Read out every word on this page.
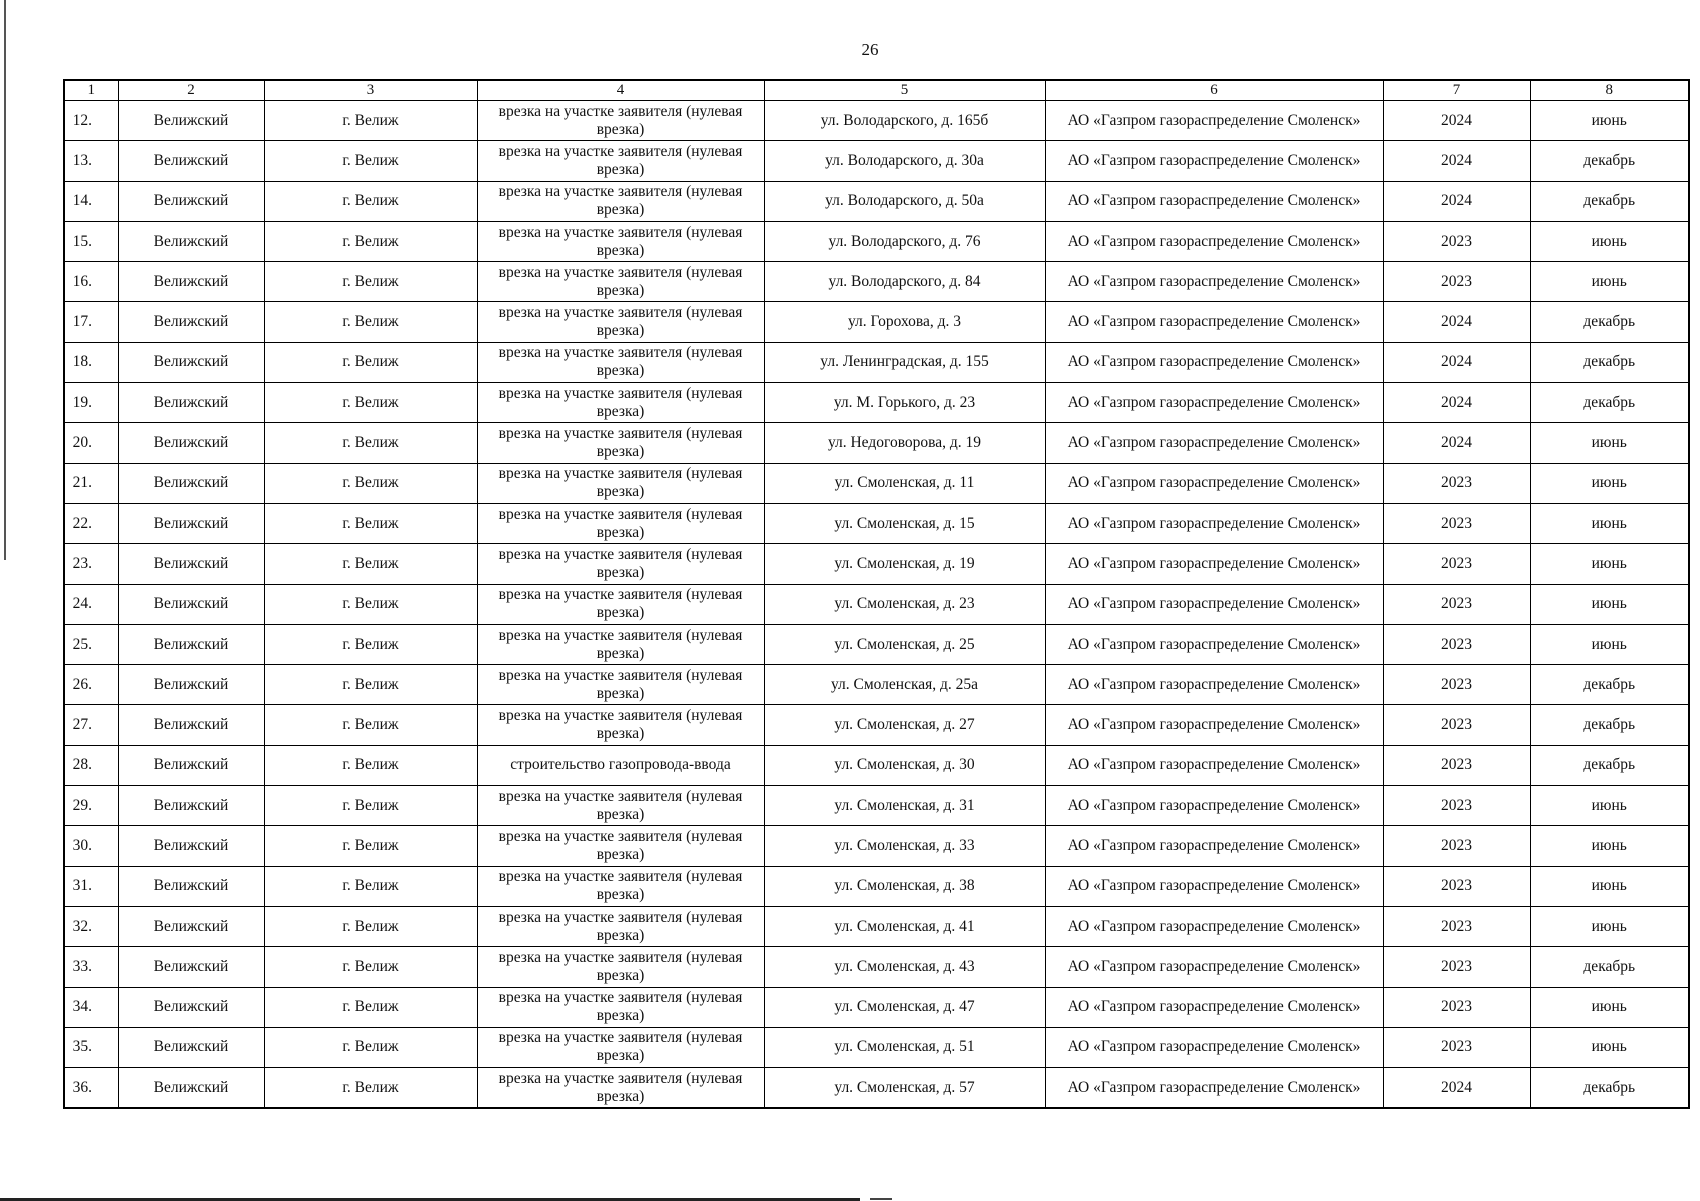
26
1	2	3	4	5	6	7	8
12.	Велижский	г. Велиж	врезка на участке заявителя (нулевая врезка)	ул. Володарского, д. 165б	АО «Газпром газораспределение Смоленск»	2024	июнь
13.	Велижский	г. Велиж	врезка на участке заявителя (нулевая врезка)	ул. Володарского, д. 30а	АО «Газпром газораспределение Смоленск»	2024	декабрь
14.	Велижский	г. Велиж	врезка на участке заявителя (нулевая врезка)	ул. Володарского, д. 50а	АО «Газпром газораспределение Смоленск»	2024	декабрь
15.	Велижский	г. Велиж	врезка на участке заявителя (нулевая врезка)	ул. Володарского, д. 76	АО «Газпром газораспределение Смоленск»	2023	июнь
16.	Велижский	г. Велиж	врезка на участке заявителя (нулевая врезка)	ул. Володарского, д. 84	АО «Газпром газораспределение Смоленск»	2023	июнь
17.	Велижский	г. Велиж	врезка на участке заявителя (нулевая врезка)	ул. Горохова, д. 3	АО «Газпром газораспределение Смоленск»	2024	декабрь
18.	Велижский	г. Велиж	врезка на участке заявителя (нулевая врезка)	ул. Ленинградская, д. 155	АО «Газпром газораспределение Смоленск»	2024	декабрь
19.	Велижский	г. Велиж	врезка на участке заявителя (нулевая врезка)	ул. М. Горького, д. 23	АО «Газпром газораспределение Смоленск»	2024	декабрь
20.	Велижский	г. Велиж	врезка на участке заявителя (нулевая врезка)	ул. Недоговорова, д. 19	АО «Газпром газораспределение Смоленск»	2024	июнь
21.	Велижский	г. Велиж	врезка на участке заявителя (нулевая врезка)	ул. Смоленская, д. 11	АО «Газпром газораспределение Смоленск»	2023	июнь
22.	Велижский	г. Велиж	врезка на участке заявителя (нулевая врезка)	ул. Смоленская, д. 15	АО «Газпром газораспределение Смоленск»	2023	июнь
23.	Велижский	г. Велиж	врезка на участке заявителя (нулевая врезка)	ул. Смоленская, д. 19	АО «Газпром газораспределение Смоленск»	2023	июнь
24.	Велижский	г. Велиж	врезка на участке заявителя (нулевая врезка)	ул. Смоленская, д. 23	АО «Газпром газораспределение Смоленск»	2023	июнь
25.	Велижский	г. Велиж	врезка на участке заявителя (нулевая врезка)	ул. Смоленская, д. 25	АО «Газпром газораспределение Смоленск»	2023	июнь
26.	Велижский	г. Велиж	врезка на участке заявителя (нулевая врезка)	ул. Смоленская, д. 25а	АО «Газпром газораспределение Смоленск»	2023	декабрь
27.	Велижский	г. Велиж	врезка на участке заявителя (нулевая врезка)	ул. Смоленская, д. 27	АО «Газпром газораспределение Смоленск»	2023	декабрь
28.	Велижский	г. Велиж	строительство газопровода-ввода	ул. Смоленская, д. 30	АО «Газпром газораспределение Смоленск»	2023	декабрь
29.	Велижский	г. Велиж	врезка на участке заявителя (нулевая врезка)	ул. Смоленская, д. 31	АО «Газпром газораспределение Смоленск»	2023	июнь
30.	Велижский	г. Велиж	врезка на участке заявителя (нулевая врезка)	ул. Смоленская, д. 33	АО «Газпром газораспределение Смоленск»	2023	июнь
31.	Велижский	г. Велиж	врезка на участке заявителя (нулевая врезка)	ул. Смоленская, д. 38	АО «Газпром газораспределение Смоленск»	2023	июнь
32.	Велижский	г. Велиж	врезка на участке заявителя (нулевая врезка)	ул. Смоленская, д. 41	АО «Газпром газораспределение Смоленск»	2023	июнь
33.	Велижский	г. Велиж	врезка на участке заявителя (нулевая врезка)	ул. Смоленская, д. 43	АО «Газпром газораспределение Смоленск»	2023	декабрь
34.	Велижский	г. Велиж	врезка на участке заявителя (нулевая врезка)	ул. Смоленская, д. 47	АО «Газпром газораспределение Смоленск»	2023	июнь
35.	Велижский	г. Велиж	врезка на участке заявителя (нулевая врезка)	ул. Смоленская, д. 51	АО «Газпром газораспределение Смоленск»	2023	июнь
36.	Велижский	г. Велиж	врезка на участке заявителя (нулевая врезка)	ул. Смоленская, д. 57	АО «Газпром газораспределение Смоленск»	2024	декабрь
